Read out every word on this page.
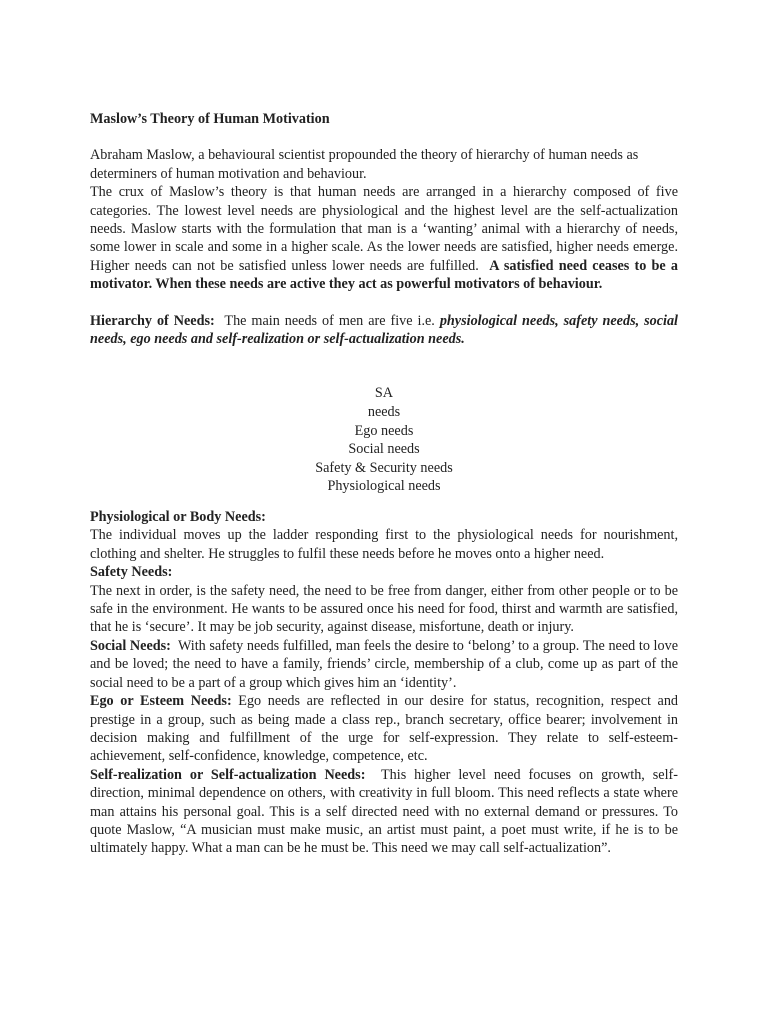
Maslow’s Theory of Human Motivation

Abraham Maslow, a behavioural scientist propounded the theory of hierarchy of human needs as determiners of human motivation and behaviour.

The crux of Maslow’s theory is that human needs are arranged in a hierarchy composed of five categories. The lowest level needs are physiological and the highest level are the self-actualization needs. Maslow starts with the formulation that man is a ‘wanting’ animal with a hierarchy of needs, some lower in scale and some in a higher scale. As the lower needs are satisfied, higher needs emerge. Higher needs can not be satisfied unless lower needs are fulfilled. A satisfied need ceases to be a motivator. When these needs are active they act as powerful motivators of behaviour.

Hierarchy of Needs: The main needs of men are five i.e. physiological needs, safety needs, social needs, ego needs and self-realization or self-actualization needs.

SA
needs
Ego needs
Social needs
Safety & Security needs
Physiological needs

Physiological or Body Needs:

The individual moves up the ladder responding first to the physiological needs for nourishment, clothing and shelter. He struggles to fulfil these needs before he moves onto a higher need.

Safety Needs:

The next in order, is the safety need, the need to be free from danger, either from other people or to be safe in the environment. He wants to be assured once his need for food, thirst and warmth are satisfied, that he is ‘secure’. It may be job security, against disease, misfortune, death or injury.

Social Needs: With safety needs fulfilled, man feels the desire to ‘belong’ to a group. The need to love and be loved; the need to have a family, friends’ circle, membership of a club, come up as part of the social need to be a part of a group which gives him an ‘identity’.

Ego or Esteem Needs: Ego needs are reflected in our desire for status, recognition, respect and prestige in a group, such as being made a class rep., branch secretary, office bearer; involvement in decision making and fulfillment of the urge for self-expression. They relate to self-esteem-achievement, self-confidence, knowledge, competence, etc.

Self-realization or Self-actualization Needs: This higher level need focuses on growth, self-direction, minimal dependence on others, with creativity in full bloom. This need reflects a state where man attains his personal goal. This is a self directed need with no external demand or pressures. To quote Maslow, “A musician must make music, an artist must paint, a poet must write, if he is to be ultimately happy. What a man can be he must be. This need we may call self-actualization”.
